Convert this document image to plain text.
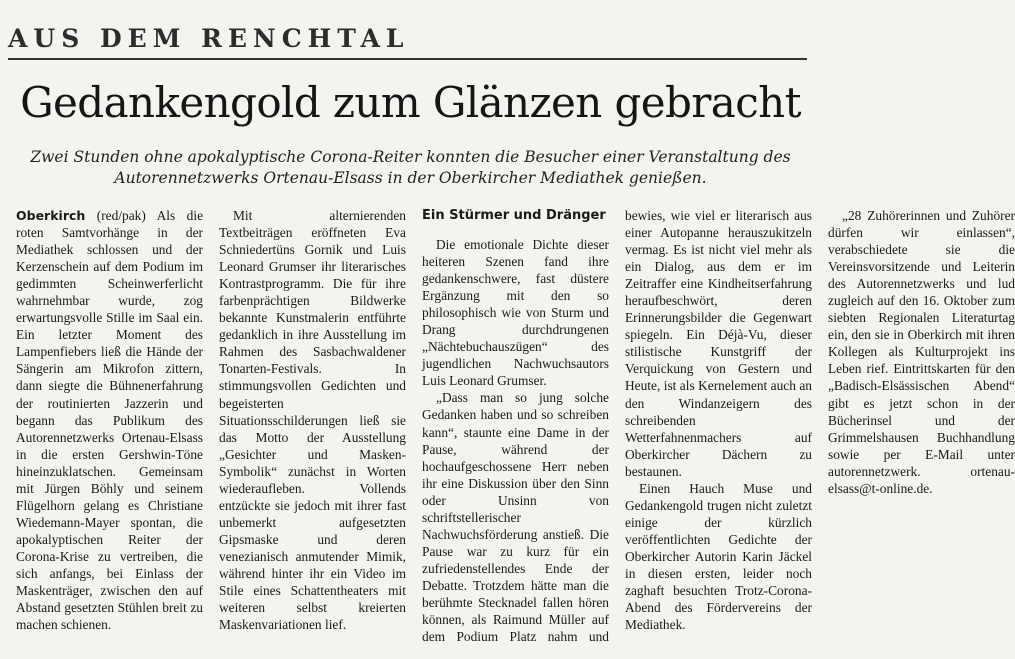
AUS DEM RENCHTAL
Gedankengold zum Glänzen gebracht
Zwei Stunden ohne apokalyptische Corona-Reiter konnten die Besucher einer Veranstaltung des Autorennetzwerks Ortenau-Elsass in der Oberkircher Mediathek genießen.

Oberkirch (red/pak) Als die roten Samtvorhänge in der Mediathek schlossen und der Kerzenschein auf dem Podium im gedimmten Scheinwerferlicht wahrnehmbar wurde, zog erwartungsvolle Stille im Saal ein. Ein letzter Moment des Lampenfiebers ließ die Hände der Sängerin am Mikrofon zittern, dann siegte die Bühnenerfahrung der routinierten Jazzerin und begann das Publikum des Autorennetzwerks Ortenau-Elsass in die ersten Gershwin-Töne hineinzuklatschen. Gemeinsam mit Jürgen Böhly und seinem Flügelhorn gelang es Christiane Wiedemann-Mayer spontan, die apokalyptischen Reiter der Corona-Krise zu vertreiben, die sich anfangs, bei Einlass der Maskenträger, zwischen den auf Abstand gesetzten Stühlen breit zu machen schienen.

Mit alternierenden Textbeiträgen eröffneten Eva Schniedertüns Gornik und Luis Leonard Grumser ihr literarisches Kontrastprogramm. Die für ihre farbenprächtigen Bildwerke bekannte Kunstmalerin entführte gedanklich in ihre Ausstellung im Rahmen des Sasbachwaldener Tonarten-Festivals. In stimmungsvollen Gedichten und begeisterten Situationsschilderungen ließ sie das Motto der Ausstellung „Gesichter und Masken-Symbolik“ zunächst in Worten wiederaufleben. Vollends entzückte sie jedoch mit ihrer fast unbemerkt aufgesetzten Gipsmaske und deren venezianisch anmutender Mimik, während hinter ihr ein Video im Stile eines Schattentheaters mit weiteren selbst kreierten Maskenvariationen lief.

Ein Stürmer und Dränger

Die emotionale Dichte dieser heiteren Szenen fand ihre gedankenschwere, fast düstere Ergänzung mit den so philosophisch wie von Sturm und Drang durchdrungenen „Nächtebuchauszügen“ des jugendlichen Nachwuchsautors Luis Leonard Grumser.

„Dass man so jung solche Gedanken haben und so schreiben kann“, staunte eine Dame in der Pause, während der hochaufgeschossene Herr neben ihr eine Diskussion über den Sinn oder Unsinn von schriftstellerischer Nachwuchsförderung anstieß. Die Pause war zu kurz für ein zufriedenstellendes Ende der Debatte. Trotzdem hätte man die berühmte Stecknadel fallen hören können, als Raimund Müller auf dem Podium Platz nahm und bewies, wie viel er literarisch aus einer Autopanne herauszukitzeln vermag. Es ist nicht viel mehr als ein Dialog, aus dem er im Zeitraffer eine Kindheitserfahrung heraufbeschwört, deren Erinnerungsbilder die Gegenwart spiegeln. Ein Déjà-Vu, dieser stilistische Kunstgriff der Verquickung von Gestern und Heute, ist als Kernelement auch an den Windanzeigern des schreibenden Wetterfahnenmachers auf Oberkircher Dächern zu bestaunen.

Einen Hauch Muse und Gedankengold trugen nicht zuletzt einige der kürzlich veröffentlichten Gedichte der Oberkircher Autorin Karin Jäckel in diesen ersten, leider noch zaghaft besuchten Trotz-Corona-Abend des Fördervereins der Mediathek.

„28 Zuhörerinnen und Zuhörer dürfen wir einlassen“, verabschiedete sie die Vereinsvorsitzende und Leiterin des Autorennetzwerks und lud zugleich auf den 16. Oktober zum siebten Regionalen Literaturtag ein, den sie in Oberkirch mit ihren Kollegen als Kulturprojekt ins Leben rief. Eintrittskarten für den „Badisch-Elsässischen Abend“ gibt es jetzt schon in der Bücherinsel und der Grimmelshausen Buchhandlung sowie per E-Mail unter autorennetzwerk. ortenau-elsass@t-online.de.
